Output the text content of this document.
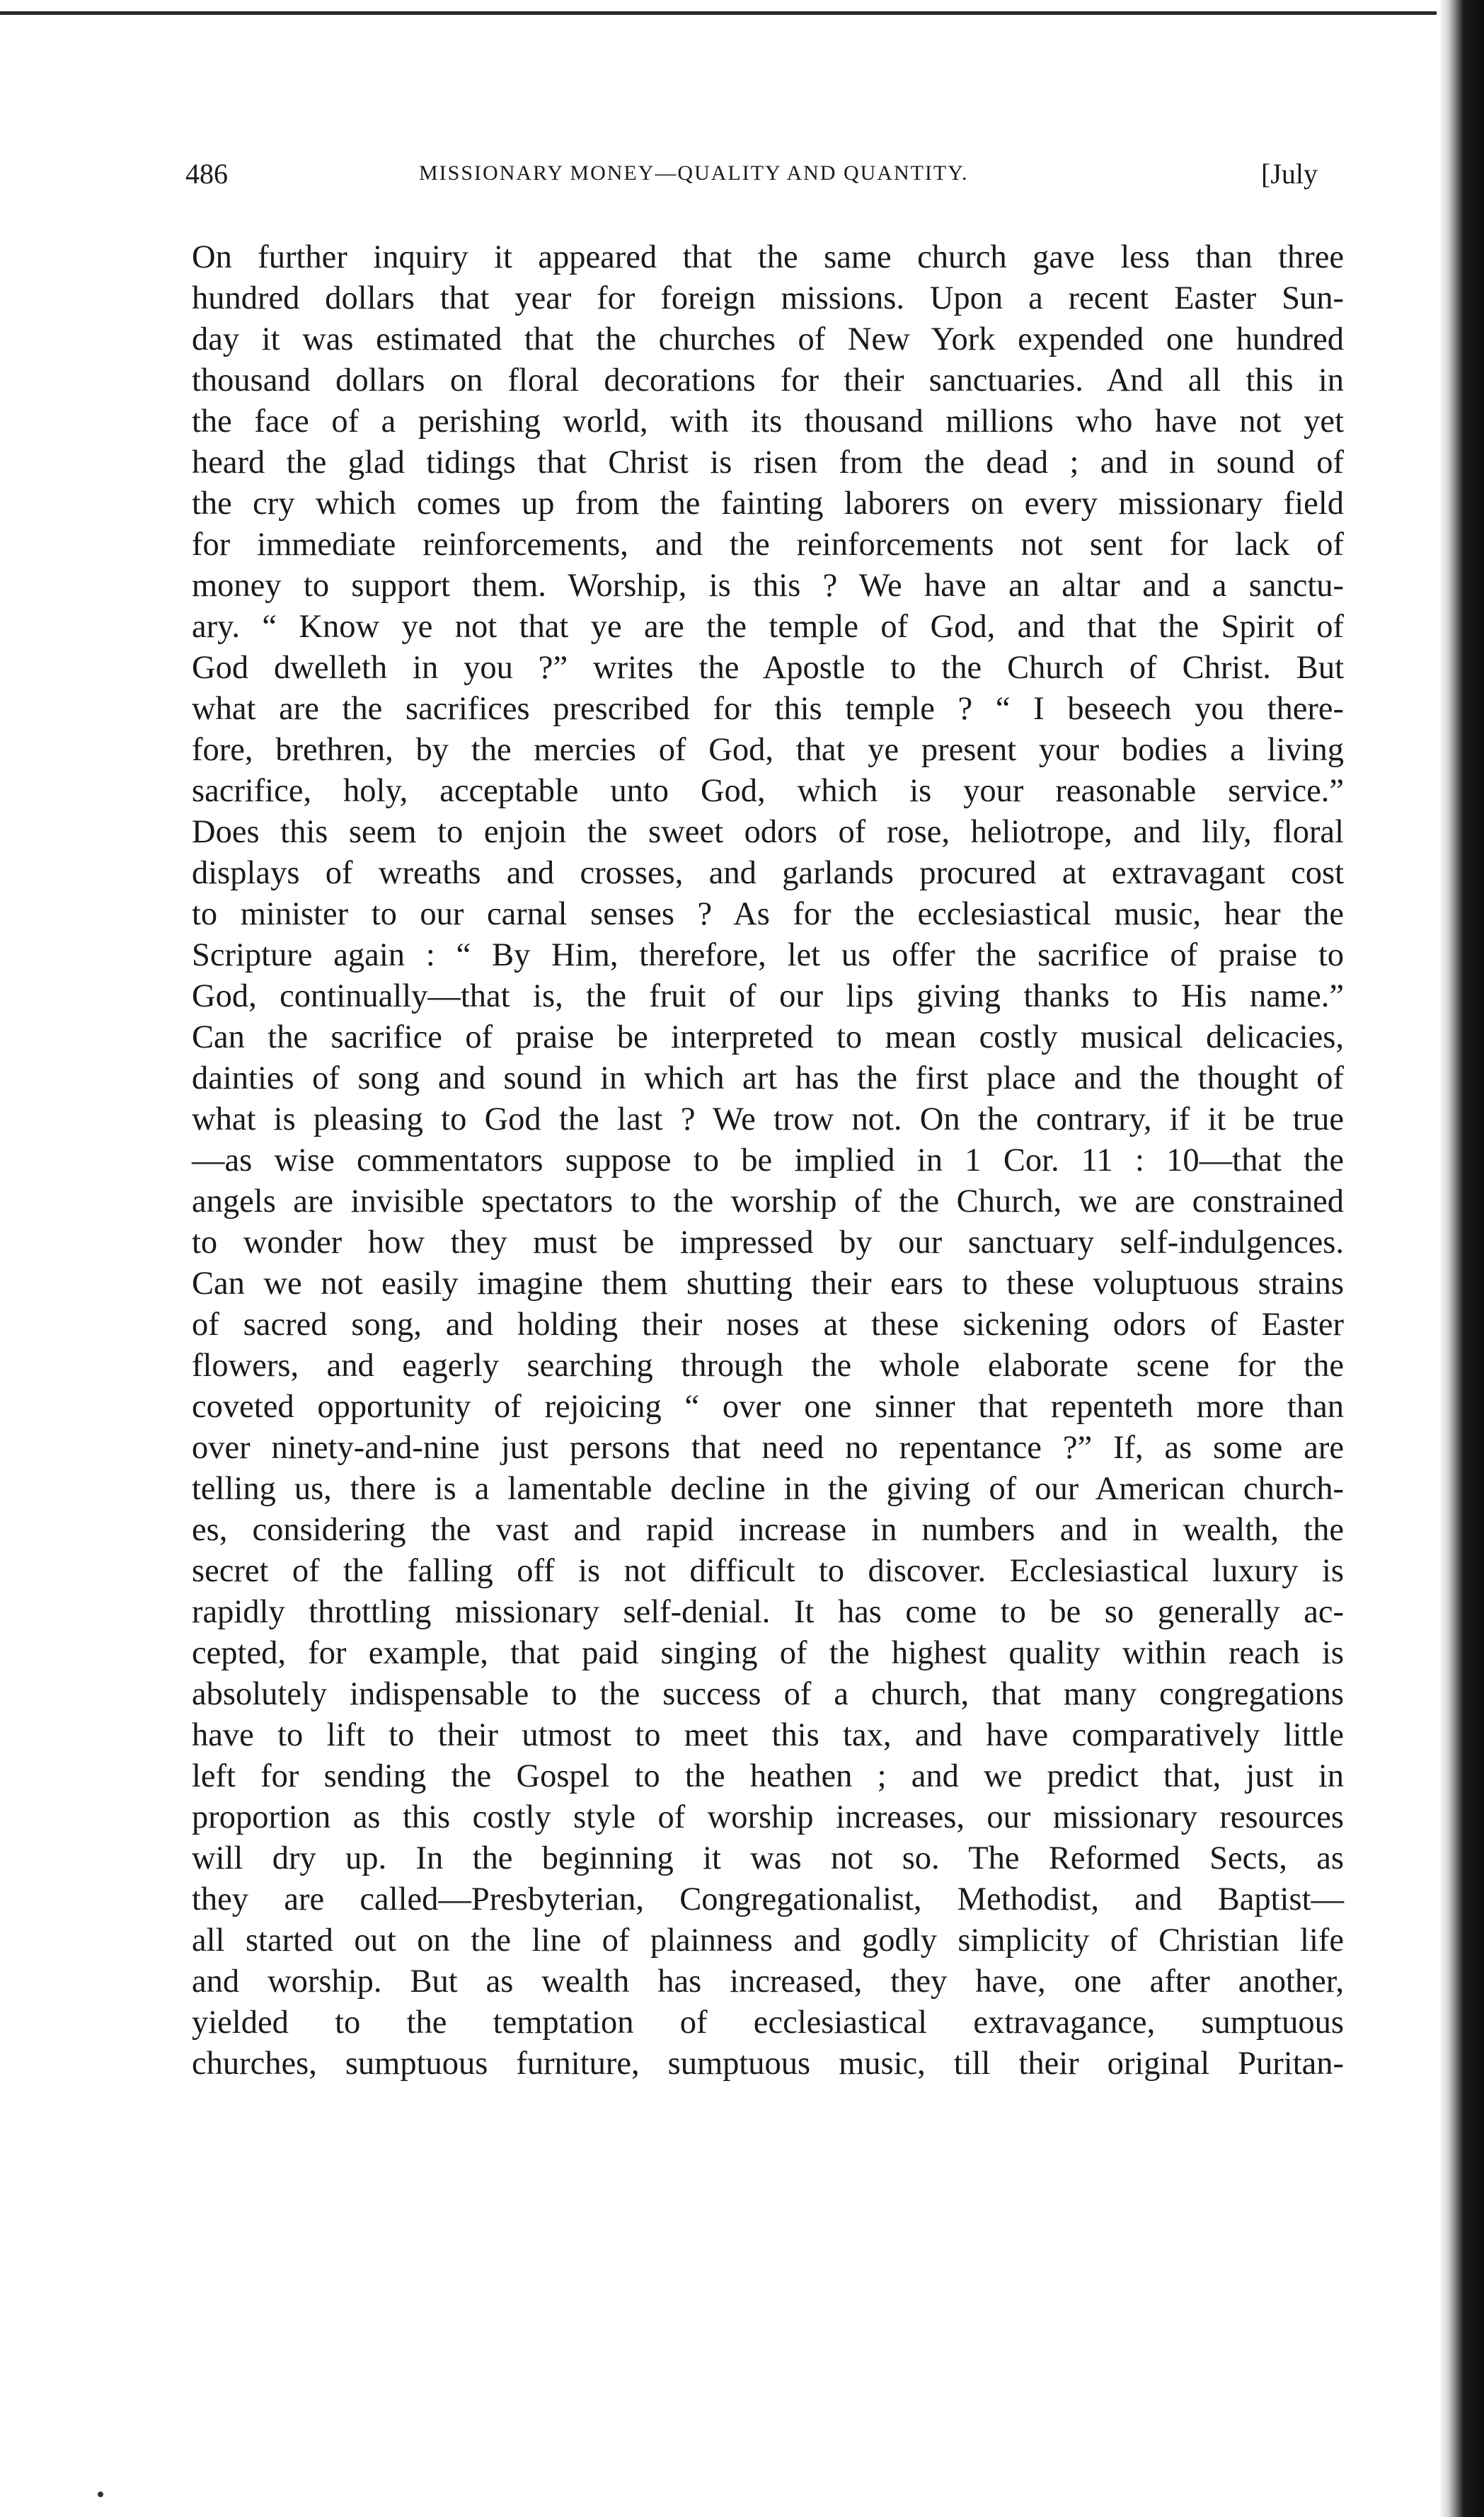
486	MISSIONARY MONEY—QUALITY AND QUANTITY.	[July
On further inquiry it appeared that the same church gave less than three
hundred dollars that year for foreign missions. Upon a recent Easter Sun-
day it was estimated that the churches of New York expended one hundred
thousand dollars on floral decorations for their sanctuaries. And all this in
the face of a perishing world, with its thousand millions who have not yet
heard the glad tidings that Christ is risen from the dead ; and in sound of
the cry which comes up from the fainting laborers on every missionary field
for immediate reinforcements, and the reinforcements not sent for lack of
money to support them. Worship, is this ? We have an altar and a sanctu-
ary. “ Know ye not that ye are the temple of God, and that the Spirit of
God dwelleth in you ?” writes the Apostle to the Church of Christ. But
what are the sacrifices prescribed for this temple ? “ I beseech you there-
fore, brethren, by the mercies of God, that ye present your bodies a living
sacrifice, holy, acceptable unto God, which is your reasonable service.”
Does this seem to enjoin the sweet odors of rose, heliotrope, and lily, floral
displays of wreaths and crosses, and garlands procured at extravagant cost
to minister to our carnal senses ? As for the ecclesiastical music, hear the
Scripture again : “ By Him, therefore, let us offer the sacrifice of praise to
God, continually—that is, the fruit of our lips giving thanks to His name.”
Can the sacrifice of praise be interpreted to mean costly musical delicacies,
dainties of song and sound in which art has the first place and the thought of
what is pleasing to God the last ? We trow not. On the contrary, if it be true
—as wise commentators suppose to be implied in 1 Cor. 11 : 10—that the
angels are invisible spectators to the worship of the Church, we are constrained
to wonder how they must be impressed by our sanctuary self-indulgences.
Can we not easily imagine them shutting their ears to these voluptuous strains
of sacred song, and holding their noses at these sickening odors of Easter
flowers, and eagerly searching through the whole elaborate scene for the
coveted opportunity of rejoicing “ over one sinner that repenteth more than
over ninety-and-nine just persons that need no repentance ?” If, as some are
telling us, there is a lamentable decline in the giving of our American church-
es, considering the vast and rapid increase in numbers and in wealth, the
secret of the falling off is not difficult to discover. Ecclesiastical luxury is
rapidly throttling missionary self-denial. It has come to be so generally ac-
cepted, for example, that paid singing of the highest quality within reach is
absolutely indispensable to the success of a church, that many congregations
have to lift to their utmost to meet this tax, and have comparatively little
left for sending the Gospel to the heathen ; and we predict that, just in
proportion as this costly style of worship increases, our missionary resources
will dry up. In the beginning it was not so. The Reformed Sects, as
they are called—Presbyterian, Congregationalist, Methodist, and Baptist—
all started out on the line of plainness and godly simplicity of Christian life
and worship. But as wealth has increased, they have, one after another,
yielded to the temptation of ecclesiastical extravagance, sumptuous
churches, sumptuous furniture, sumptuous music, till their original Puritan-
